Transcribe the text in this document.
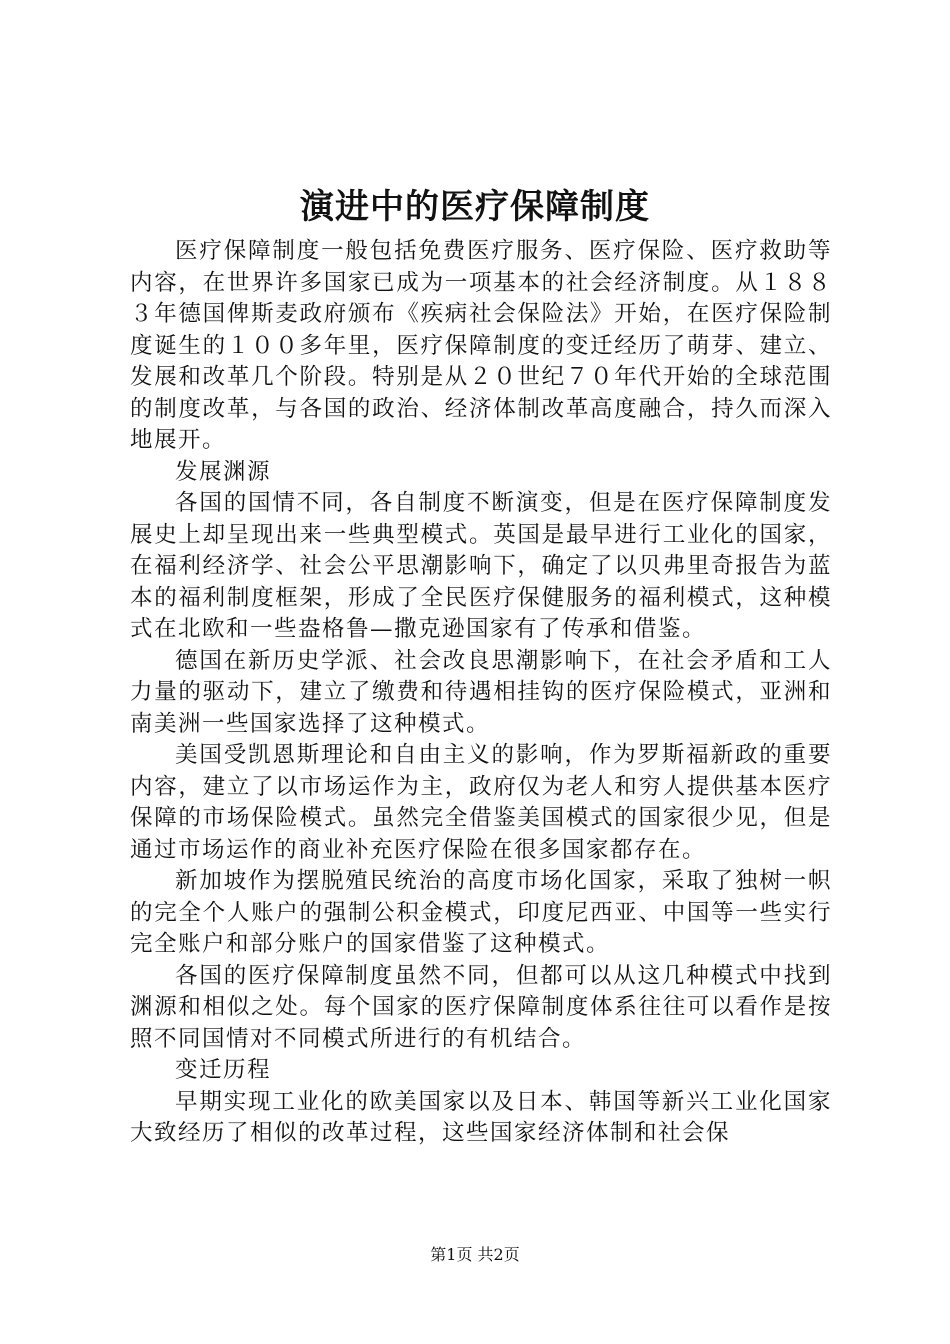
演进中的医疗保障制度

医疗保障制度一般包括免费医疗服务、医疗保险、医疗救助等内容，在世界许多国家已成为一项基本的社会经济制度。从１８８３年德国俾斯麦政府颁布《疾病社会保险法》开始，在医疗保险制度诞生的１００多年里，医疗保障制度的变迁经历了萌芽、建立、发展和改革几个阶段。特别是从２０世纪７０年代开始的全球范围的制度改革，与各国的政治、经济体制改革高度融合，持久而深入地展开。

发展渊源

各国的国情不同，各自制度不断演变，但是在医疗保障制度发展史上却呈现出来一些典型模式。英国是最早进行工业化的国家，在福利经济学、社会公平思潮影响下，确定了以贝弗里奇报告为蓝本的福利制度框架，形成了全民医疗保健服务的福利模式，这种模式在北欧和一些盎格鲁—撒克逊国家有了传承和借鉴。

德国在新历史学派、社会改良思潮影响下，在社会矛盾和工人力量的驱动下，建立了缴费和待遇相挂钩的医疗保险模式，亚洲和南美洲一些国家选择了这种模式。

美国受凯恩斯理论和自由主义的影响，作为罗斯福新政的重要内容，建立了以市场运作为主，政府仅为老人和穷人提供基本医疗保障的市场保险模式。虽然完全借鉴美国模式的国家很少见，但是通过市场运作的商业补充医疗保险在很多国家都存在。

新加坡作为摆脱殖民统治的高度市场化国家，采取了独树一帜的完全个人账户的强制公积金模式，印度尼西亚、中国等一些实行完全账户和部分账户的国家借鉴了这种模式。

各国的医疗保障制度虽然不同，但都可以从这几种模式中找到渊源和相似之处。每个国家的医疗保障制度体系往往可以看作是按照不同国情对不同模式所进行的有机结合。

变迁历程

早期实现工业化的欧美国家以及日本、韩国等新兴工业化国家大致经历了相似的改革过程，这些国家经济体制和社会保

第1页 共2页
